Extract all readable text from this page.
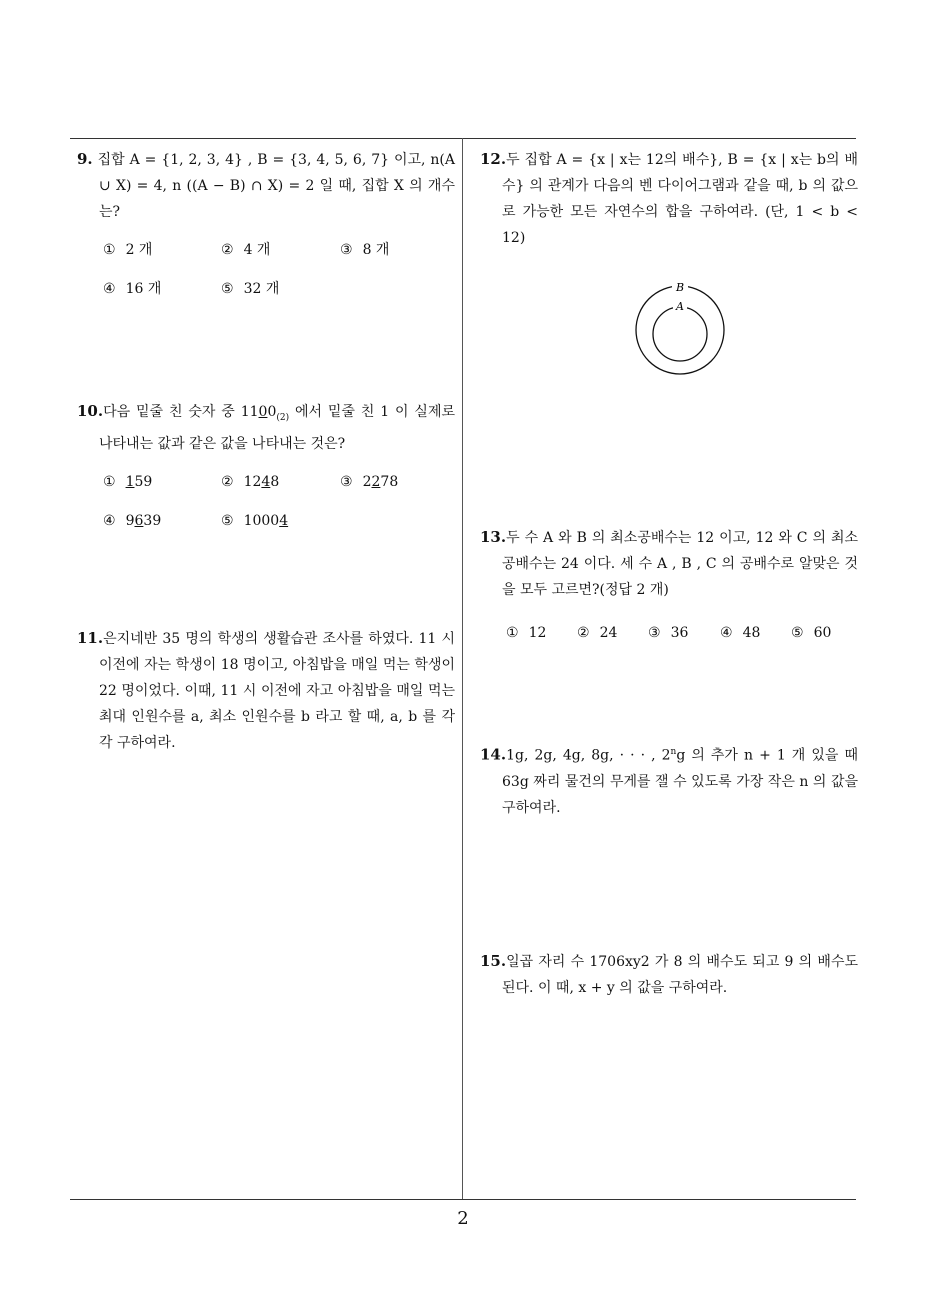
9. 집합 A = {1, 2, 3, 4} , B = {3, 4, 5, 6, 7} 이고, n(A ∪ X) = 4, n ((A − B) ∩ X) = 2 일 때, 집합 X 의 개수는?

① 2 개	② 4 개	③ 8 개
④ 16 개	⑤ 32 개

10.다음 밑줄 친 숫자 중 $1100_{(2)}$ 에서 밑줄 친 1 이 실제로 나타내는 값과 같은 값을 나타내는 것은?

① 159	② 1248	③ 2278
④ 9639	⑤ 10004

11.은지네반 35 명의 학생의 생활습관 조사를 하였다. 11 시 이전에 자는 학생이 18 명이고, 아침밥을 매일 먹는 학생이 22 명이었다. 이때, 11 시 이전에 자고 아침밥을 매일 먹는 최대 인원수를 a, 최소 인원수를 b 라고 할 때, a, b 를 각각 구하여라.

12.두 집합 A = {x | x는 12의 배수}, B = {x | x는 b의 배수} 의 관계가 다음의 벤 다이어그램과 같을 때, b 의 값으로 가능한 모든 자연수의 합을 구하여라. (단, 1 < b < 12)

B
A

13.두 수 A 와 B 의 최소공배수는 12 이고, 12 와 C 의 최소공배수는 24 이다. 세 수 A , B , C 의 공배수로 알맞은 것을 모두 고르면?(정답 2 개)

① 12 ② 24 ③ 36 ④ 48 ⑤ 60

14.1g, 2g, 4g, 8g, · · · , 2$^n$g 의 추가 n + 1 개 있을 때 63g 짜리 물건의 무게를 잴 수 있도록 가장 작은 n 의 값을 구하여라.

15.일곱 자리 수 1706xy2 가 8 의 배수도 되고 9 의 배수도 된다. 이 때, x + y 의 값을 구하여라.

2
